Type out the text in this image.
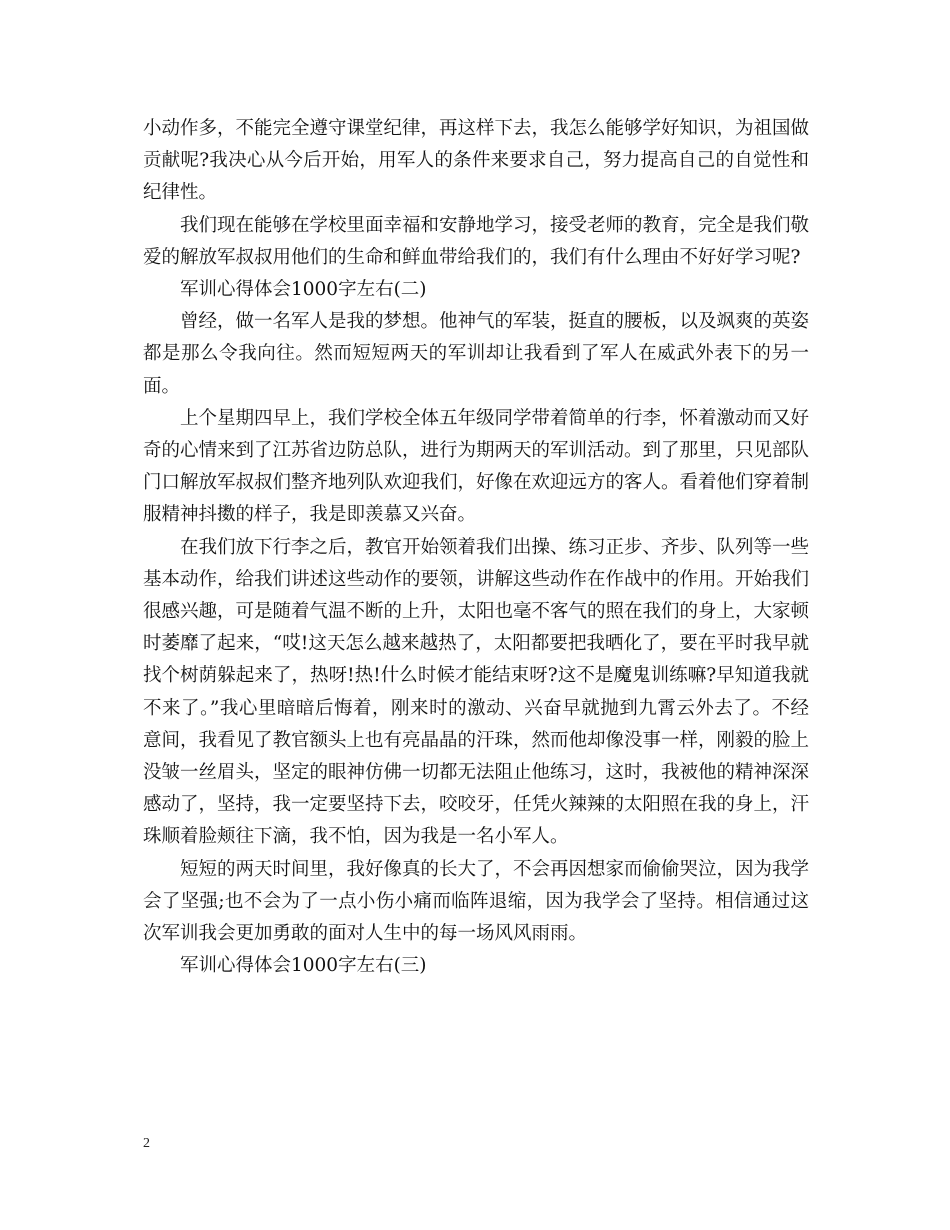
小动作多，不能完全遵守课堂纪律，再这样下去，我怎么能够学好知识，为祖国做贡献呢?我决心从今后开始，用军人的条件来要求自己，努力提高自己的自觉性和纪律性。

我们现在能够在学校里面幸福和安静地学习，接受老师的教育，完全是我们敬爱的解放军叔叔用他们的生命和鲜血带给我们的，我们有什么理由不好好学习呢?

军训心得体会1000字左右(二)

曾经，做一名军人是我的梦想。他神气的军装，挺直的腰板，以及飒爽的英姿都是那么令我向往。然而短短两天的军训却让我看到了军人在威武外表下的另一面。

上个星期四早上，我们学校全体五年级同学带着简单的行李，怀着激动而又好奇的心情来到了江苏省边防总队，进行为期两天的军训活动。到了那里，只见部队门口解放军叔叔们整齐地列队欢迎我们，好像在欢迎远方的客人。看着他们穿着制服精神抖擞的样子，我是即羡慕又兴奋。

在我们放下行李之后，教官开始领着我们出操、练习正步、齐步、队列等一些基本动作，给我们讲述这些动作的要领，讲解这些动作在作战中的作用。开始我们很感兴趣，可是随着气温不断的上升，太阳也毫不客气的照在我们的身上，大家顿时萎靡了起来，“哎!这天怎么越来越热了，太阳都要把我晒化了，要在平时我早就找个树荫躲起来了，热呀!热!什么时候才能结束呀?这不是魔鬼训练嘛?早知道我就不来了。”我心里暗暗后悔着，刚来时的激动、兴奋早就抛到九霄云外去了。不经意间，我看见了教官额头上也有亮晶晶的汗珠，然而他却像没事一样，刚毅的脸上没皱一丝眉头，坚定的眼神仿佛一切都无法阻止他练习，这时，我被他的精神深深感动了，坚持，我一定要坚持下去，咬咬牙，任凭火辣辣的太阳照在我的身上，汗珠顺着脸颊往下滴，我不怕，因为我是一名小军人。

短短的两天时间里，我好像真的长大了，不会再因想家而偷偷哭泣，因为我学会了坚强;也不会为了一点小伤小痛而临阵退缩，因为我学会了坚持。相信通过这次军训我会更加勇敢的面对人生中的每一场风风雨雨。

军训心得体会1000字左右(三)

2
